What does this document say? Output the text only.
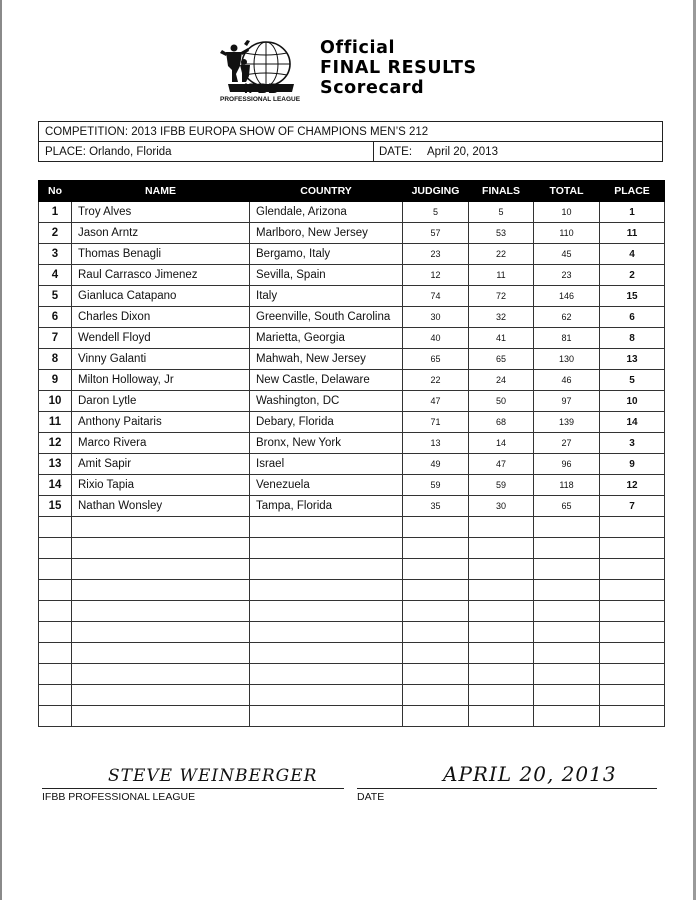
IFBB
PROFESSIONAL LEAGUE
Official
FINAL RESULTS
Scorecard
COMPETITION: 2013 IFBB EUROPA SHOW OF CHAMPIONS MEN’S 212
PLACE: Orlando, Florida	DATE: April 20, 2013
No	NAME	COUNTRY	JUDGING	FINALS	TOTAL	PLACE
1	Troy Alves	Glendale, Arizona	5	5	10	1
2	Jason Arntz	Marlboro, New Jersey	57	53	110	11
3	Thomas Benagli	Bergamo, Italy	23	22	45	4
4	Raul Carrasco Jimenez	Sevilla, Spain	12	11	23	2
5	Gianluca Catapano	Italy	74	72	146	15
6	Charles Dixon	Greenville, South Carolina	30	32	62	6
7	Wendell Floyd	Marietta, Georgia	40	41	81	8
8	Vinny Galanti	Mahwah, New Jersey	65	65	130	13
9	Milton Holloway, Jr	New Castle, Delaware	22	24	46	5
10	Daron Lytle	Washington, DC	47	50	97	10
11	Anthony Paitaris	Debary, Florida	71	68	139	14
12	Marco Rivera	Bronx, New York	13	14	27	3
13	Amit Sapir	Israel	49	47	96	9
14	Rixio Tapia	Venezuela	59	59	118	12
15	Nathan Wonsley	Tampa, Florida	35	30	65	7

STEVE WEINBERGER
IFBB PROFESSIONAL LEAGUE
APRIL 20, 2013
DATE
